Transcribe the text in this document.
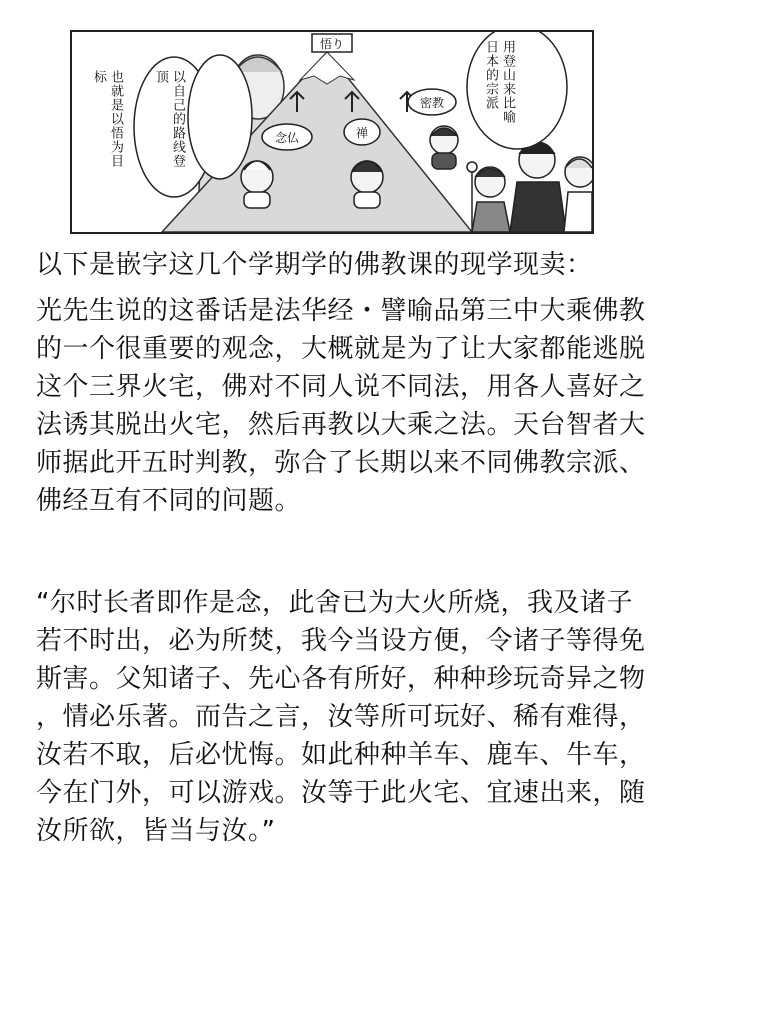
也就是以悟为目标	以自己的路线登顶	用登山来比喻日本的宗派
悟り
念仏	禅
密教
以下是嵌字这几个学期学的佛教课的现学现卖：
光先生说的这番话是法华经・譬喻品第三中大乘佛教
的一个很重要的观念，大概就是为了让大家都能逃脱
这个三界火宅，佛对不同人说不同法，用各人喜好之
法诱其脱出火宅，然后再教以大乘之法。天台智者大
师据此开五时判教，弥合了长期以来不同佛教宗派、
佛经互有不同的问题。
“尔时长者即作是念，此舍已为大火所烧，我及诸子
若不时出，必为所焚，我今当设方便，令诸子等得免
斯害。父知诸子、先心各有所好，种种珍玩奇异之物
，情必乐著。而告之言，汝等所可玩好、稀有难得，
汝若不取，后必忧悔。如此种种羊车、鹿车、牛车，
今在门外，可以游戏。汝等于此火宅、宜速出来，随
汝所欲，皆当与汝。”
